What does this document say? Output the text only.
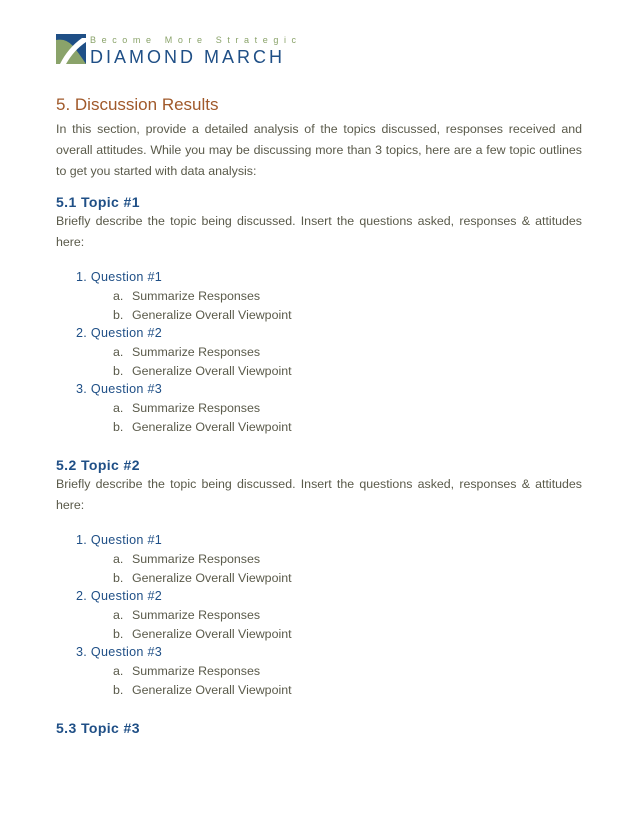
Become More Strategic
DIAMOND MARCH
5. Discussion Results

In this section, provide a detailed analysis of the topics discussed, responses received and overall attitudes. While you may be discussing more than 3 topics, here are a few topic outlines to get you started with data analysis:

5.1 Topic #1

Briefly describe the topic being discussed. Insert the questions asked, responses & attitudes here:

1. Question #1
a. Summarize Responses
b. Generalize Overall Viewpoint
2. Question #2
a. Summarize Responses
b. Generalize Overall Viewpoint
3. Question #3
a. Summarize Responses
b. Generalize Overall Viewpoint
5.2 Topic #2

Briefly describe the topic being discussed. Insert the questions asked, responses & attitudes here:

1. Question #1
a. Summarize Responses
b. Generalize Overall Viewpoint
2. Question #2
a. Summarize Responses
b. Generalize Overall Viewpoint
3. Question #3
a. Summarize Responses
b. Generalize Overall Viewpoint
5.3 Topic #3
